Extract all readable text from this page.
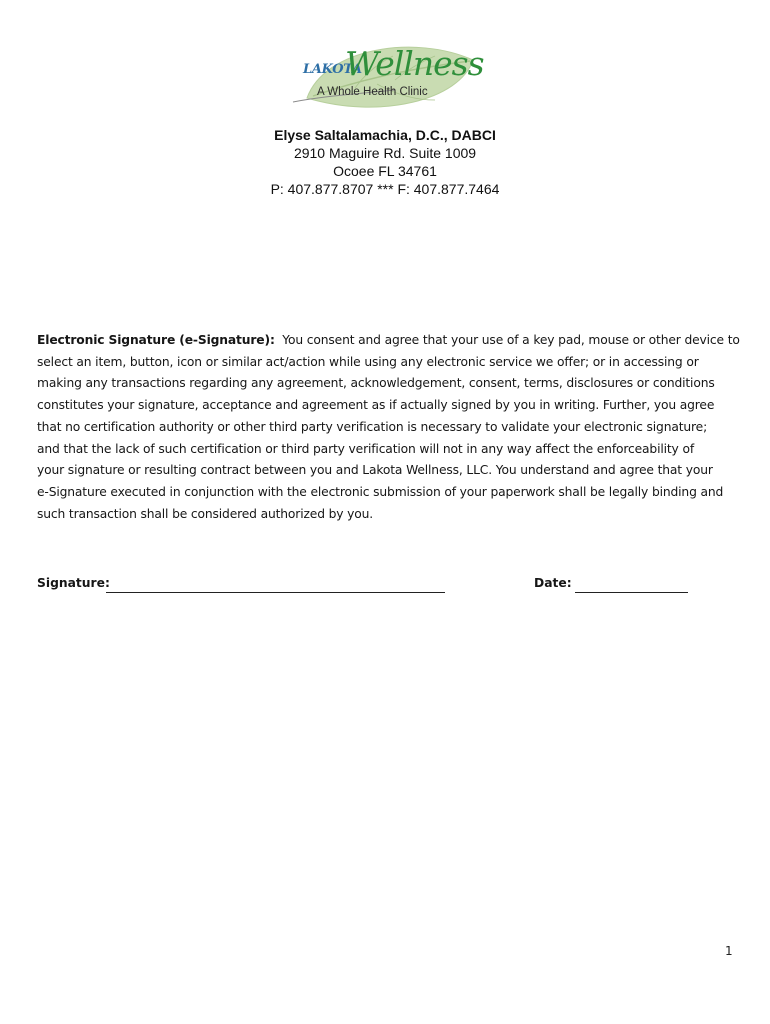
LAKOTA
Wellness
A Whole Health Clinic
Elyse Saltalamachia, D.C., DABCI
2910 Maguire Rd. Suite 1009
Ocoee FL 34761
P: 407.877.8707 *** F: 407.877.7464
Electronic Signature (e-Signature): You consent and agree that your use of a key pad, mouse or other device to
select an item, button, icon or similar act/action while using any electronic service we offer; or in accessing or
making any transactions regarding any agreement, acknowledgement, consent, terms, disclosures or conditions
constitutes your signature, acceptance and agreement as if actually signed by you in writing. Further, you agree
that no certification authority or other third party verification is necessary to validate your electronic signature;
and that the lack of such certification or third party verification will not in any way affect the enforceability of
your signature or resulting contract between you and Lakota Wellness, LLC. You understand and agree that your
e-Signature executed in conjunction with the electronic submission of your paperwork shall be legally binding and
such transaction shall be considered authorized by you.
Signature:	Date:
1
